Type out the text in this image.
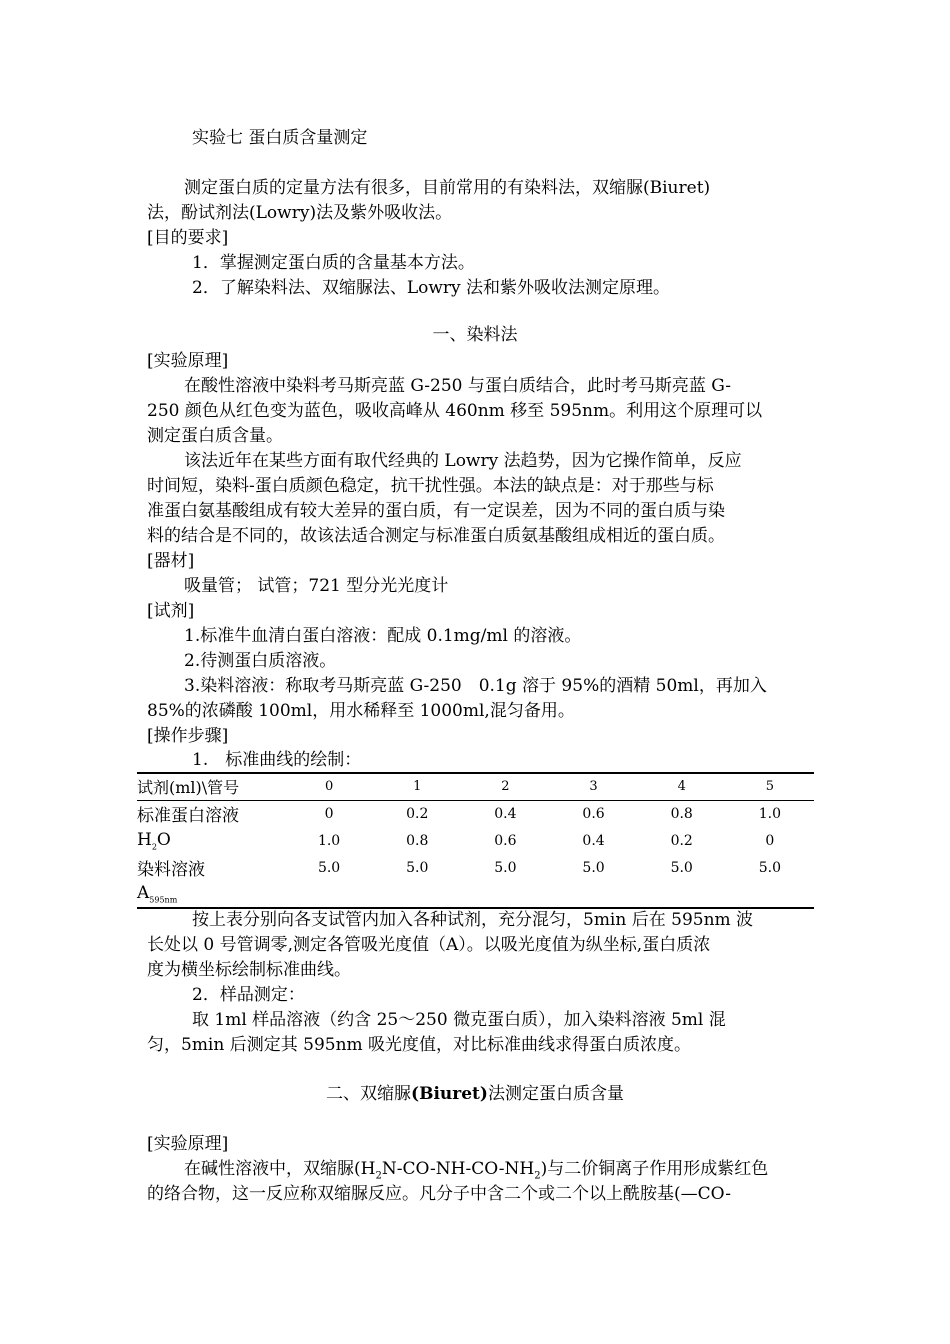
实验七 蛋白质含量测定
测定蛋白质的定量方法有很多，目前常用的有染料法，双缩脲(Biuret)
法，酚试剂法(Lowry)法及紫外吸收法。
[目的要求]
1．掌握测定蛋白质的含量基本方法。
2．了解染料法、双缩脲法、Lowry 法和紫外吸收法测定原理。
一、染料法
[实验原理]
在酸性溶液中染料考马斯亮蓝 G-250 与蛋白质结合，此时考马斯亮蓝 G-
250 颜色从红色变为蓝色，吸收高峰从 460nm 移至 595nm。利用这个原理可以
测定蛋白质含量。
该法近年在某些方面有取代经典的 Lowry 法趋势，因为它操作简单，反应
时间短，染料-蛋白质颜色稳定，抗干扰性强。本法的缺点是：对于那些与标
准蛋白氨基酸组成有较大差异的蛋白质，有一定误差，因为不同的蛋白质与染
料的结合是不同的，故该法适合测定与标准蛋白质氨基酸组成相近的蛋白质。
[器材]
吸量管； 试管；721 型分光光度计
[试剂]
1.标准牛血清白蛋白溶液：配成 0.1mg/ml 的溶液。
2.待测蛋白质溶液。
3.染料溶液：称取考马斯亮蓝 G-250　0.1g 溶于 95%的酒精 50ml，再加入
85%的浓磷酸 100ml，用水稀释至 1000ml,混匀备用。
[操作步骤]
1.　标准曲线的绘制：
试剂(ml)\管号	0	1	2	3	4	5
标准蛋白溶液	0	0.2	0.4	0.6	0.8	1.0
$H_2O$	1.0	0.8	0.6	0.4	0.2	0
染料溶液	5.0	5.0	5.0	5.0	5.0	5.0
$A_{595nm}$						
按上表分别向各支试管内加入各种试剂，充分混匀，5min 后在 595nm 波
长处以 0 号管调零,测定各管吸光度值（A）。以吸光度值为纵坐标,蛋白质浓
度为横坐标绘制标准曲线。
2．样品测定：
取 1ml 样品溶液（约含 25～250 微克蛋白质），加入染料溶液 5ml 混
匀，5min 后测定其 595nm 吸光度值，对比标准曲线求得蛋白质浓度。
二、双缩脲(Biuret)法测定蛋白质含量
[实验原理]
在碱性溶液中，双缩脲$(H_2N-CO-NH-CO-NH_2)$与二价铜离子作用形成紫红色
的络合物，这一反应称双缩脲反应。凡分子中含二个或二个以上酰胺基(—CO-
